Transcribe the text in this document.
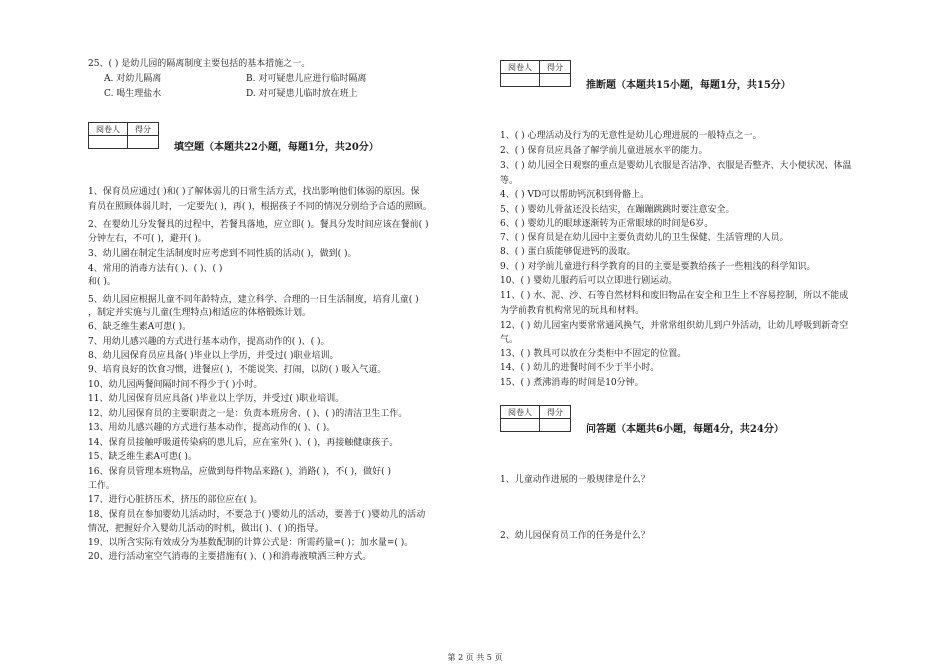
25、( ) 是幼儿园的隔离制度主要包括的基本措施之一。
A. 对幼儿隔离	B. 对可疑患儿应进行临时隔离
C. 喝生理盐水	D. 对可疑患儿临时放在班上
阅卷人	得分

填空题（本题共22小题，每题1分，共20分）
1、保育员应通过( )和( )了解体弱儿的日常生活方式，找出影响他们体弱的原因。保
育员在照顾体弱儿时，一定要先( )，再( )，根据孩子不同的情况分别给予合适的照顾。
2、在婴幼儿分发餐具的过程中，若餐具落地，应立即( )。餐具分发时间应该在餐前( )
分钟左右，不可( )，避开( )。
3、幼儿園在制定生活制度时应考虑到不同性质的活动( )，做到( )。
4、常用的消毒方法有( )、( )、( )
和( )。
5、幼儿园应根据儿童不同年龄特点，建立科学、合理的一日生活制度，培育儿童( )
，制定并实施与儿童(生理特点)相适应的体格锻炼计划。
6、缺乏维生素A可患( )。
7、用幼儿感兴趣的方式进行基本动作，提高动作的( )、( )。
8、幼儿园保育员应具备( )毕业以上学历，并受过( )职业培训。
9、培育良好的饮食习惯，进餐应( )，不能说笑、打闹，以防( ) 吸入气道。
10、幼儿园两餐间隔时间不得少于( )小时。
11、幼儿园保育员应具备( )毕业以上学历，并受过( )职业培训。
12、幼儿园保育员的主要职责之一是：负责本班房舍、( )、( )的清洁卫生工作。
13、用幼儿感兴趣的方式进行基本动作，提高动作的( )、( )。
14、保育员接触呼吸道传染病的患儿后，应在室外( )、( )，再接触健康孩子。
15、缺乏维生素A可患( )。
16、保育员管理本班物品，应做到每件物品来路( )，消路( )，不( )，做好( )
工作。
17、进行心脏挤压术，挤压的部位应在( )。
18、保育员在参加婴幼儿活动时，不要急于( )婴幼儿的活动，要善于( )婴幼儿的活动
情况，把握好介入婴幼儿活动的时机，做出( )、( )的指导。
19、以所含实际有效成分为基数配制的计算公式是：所需药量=( )；加水量=( )。
20、进行活动室空气消毒的主要措施有( )、( )和消毒液喷洒三种方式。
阅卷人	得分

推断题（本题共15小题，每题1分，共15分）
1、( ) 心理活动及行为的无意性是幼儿心理进展的一般特点之一。
2、( ) 保育员应具备了解学前儿童进展水平的能力。
3、( ) 幼儿园全日观察的重点是婴幼儿衣服是否洁净、衣服是否整齐、大小便状况、体温
等。
4、( ) VD可以帮助钙沉积到骨骼上。
5、( ) 婴幼儿骨盆还没长结实，在蹦蹦跳跳时要注意安全。
6、( ) 婴幼儿的眼球逐渐转为正常眼球的时间是6岁。
7、( ) 保育员是在幼儿园中主要负责幼儿的卫生保健、生活管理的人员。
8、( ) 蛋白质能够促进钙的汲取。
9、( ) 对学前儿童进行科学教育的目的主要是要教给孩子一些粗浅的科学知识。
10、( ) 婴幼儿服药后可以立即进行剧运动。
11、( ) 水、泥、沙、石等自然材料和废旧物品在安全和卫生上不容易控制，所以不能成
为学前教育机构常见的玩具和材料。
12、( ) 幼儿园室内要常常通风换气，并常常组织幼儿到户外活动，让幼儿呼吸到新奇空
气。
13、( ) 教具可以放在分类柜中不固定的位置。
14、( ) 幼儿的进餐时间不少于半小时。
15、( ) 煮沸消毒的时间是10分钟。
阅卷人	得分

问答题（本题共6小题，每题4分，共24分）
1、儿童动作进展的一般规律是什么？
2、幼儿园保育员工作的任务是什么？
第 2 页 共 5 页
